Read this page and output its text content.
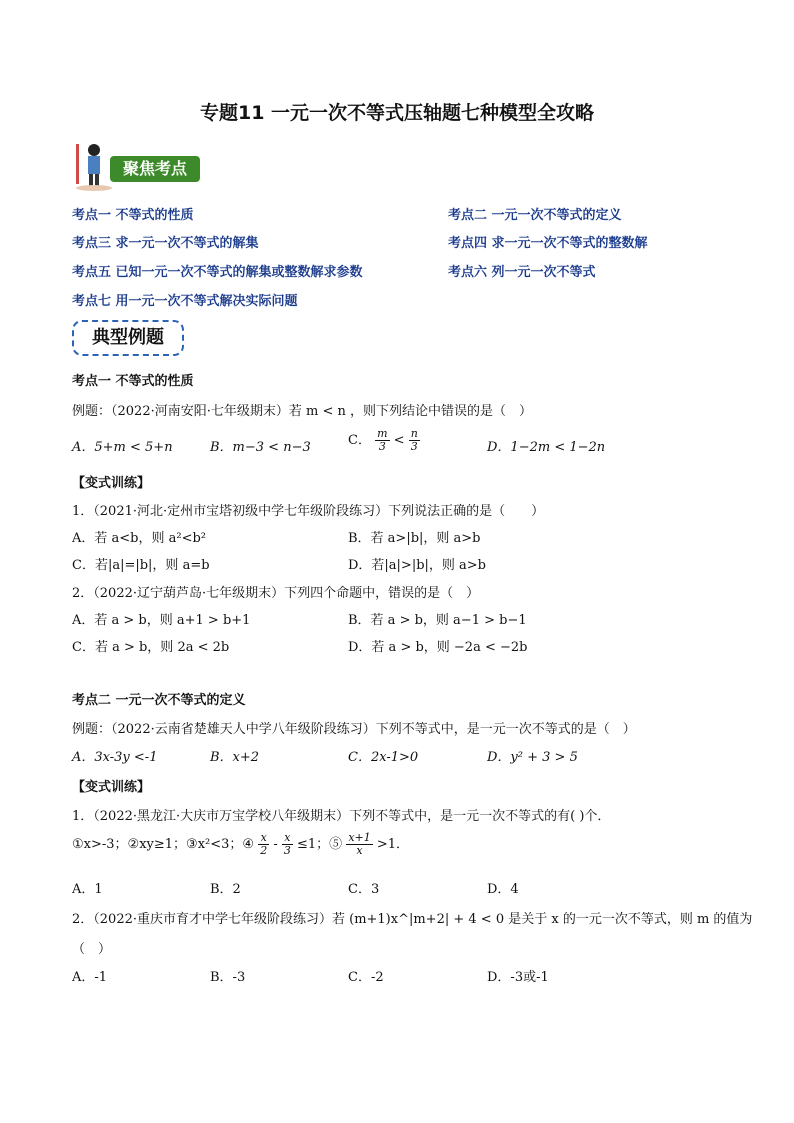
专题11 一元一次不等式压轴题七种模型全攻略
聚焦考点
考点一 不等式的性质	考点二 一元一次不等式的定义
考点三 求一元一次不等式的解集	考点四 求一元一次不等式的整数解
考点五 已知一元一次不等式的解集或整数解求参数	考点六 列一元一次不等式
考点七 用一元一次不等式解决实际问题
典型例题
考点一 不等式的性质
例题：（2022·河南安阳·七年级期末）若 m < n ，则下列结论中错误的是（　）
A．5+m < 5+n	B．m−3 < n−3	C． $\frac{m}{3} < \frac{n}{3}$	D．1−2m < 1−2n
【变式训练】
1．（2021·河北·定州市宝塔初级中学七年级阶段练习）下列说法正确的是（　　）
A．若 a<b，则 a²<b²	B．若 a>|b|，则 a>b
C．若|a|=|b|，则 a=b	D．若|a|>|b|，则 a>b
2．（2022·辽宁葫芦岛·七年级期末）下列四个命题中，错误的是（　）
A．若 a > b，则 a+1 > b+1	B．若 a > b，则 a−1 > b−1
C．若 a > b，则 2a < 2b	D．若 a > b，则 −2a < −2b
考点二 一元一次不等式的定义
例题：（2022·云南省楚雄天人中学八年级阶段练习）下列不等式中，是一元一次不等式的是（　）
A．3x-3y <-1	B．x+2	C．2x-1>0	D．y² + 3 > 5
【变式训练】
1．（2022·黑龙江·大庆市万宝学校八年级期末）下列不等式中，是一元一次不等式的有( )个．
①x>-3；②xy≥1；③x²<3；④ $\frac{x}{2} - \frac{x}{3} \le 1$；⑤ $\frac{x+1}{x} >1$．
A．1	B．2	C．3	D．4
2．（2022·重庆市育才中学七年级阶段练习）若 (m+1)x^|m+2| + 4 < 0 是关于 x 的一元一次不等式，则 m 的值为
（　）
A．-1	B．-3	C．-2	D．-3或-1
